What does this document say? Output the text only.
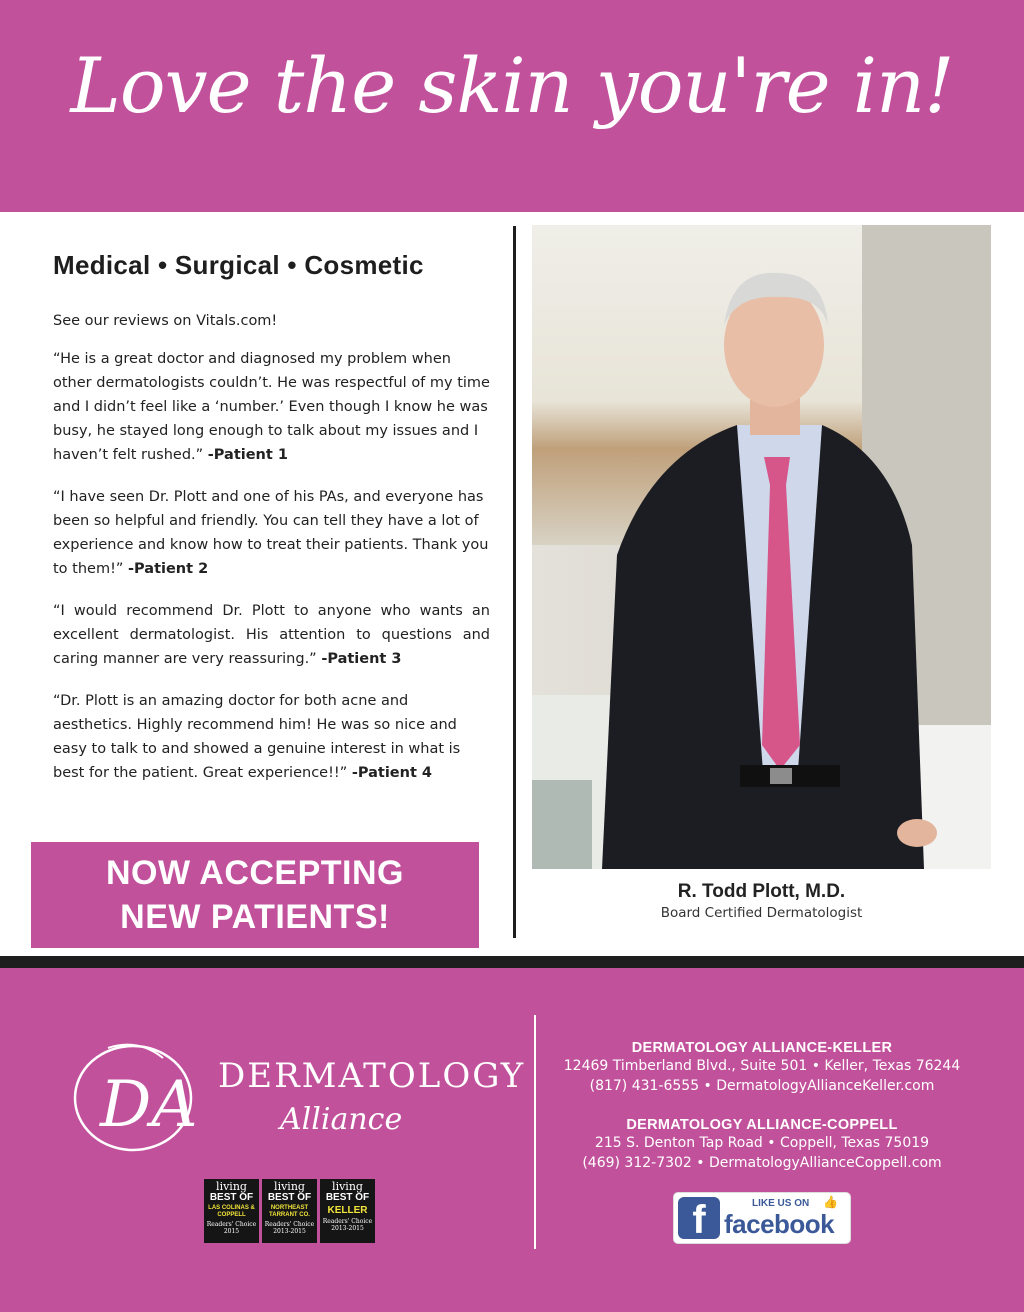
Love the skin you're in!
Medical • Surgical • Cosmetic
See our reviews on Vitals.com!
“He is a great doctor and diagnosed my problem when other dermatologists couldn’t. He was respectful of my time and I didn’t feel like a ‘number.’ Even though I know he was busy, he stayed long enough to talk about my issues and I haven’t felt rushed.” -Patient 1
“I have seen Dr. Plott and one of his PAs, and everyone has been so helpful and friendly. You can tell they have a lot of experience and know how to treat their patients. Thank you to them!” -Patient 2
“I would recommend Dr. Plott to anyone who wants an excellent dermatologist. His attention to questions and caring manner are very reassuring.” -Patient 3
“Dr. Plott is an amazing doctor for both acne and aesthetics. Highly recommend him! He was so nice and easy to talk to and showed a genuine interest in what is best for the patient. Great experience!!” -Patient 4
NOW ACCEPTING
NEW PATIENTS!
R. Todd Plott, M.D.
Board Certified Dermatologist
DA DERMATOLOGY
Alliance
living
BEST OF
LAS COLINAS & COPPELL
Readers' Choice
2015
living
BEST OF
NORTHEAST TARRANT CO.
Readers' Choice
2013-2015
living
BEST OF
KELLER
Readers' Choice
2013-2015
DERMATOLOGY ALLIANCE-KELLER
12469 Timberland Blvd., Suite 501 • Keller, Texas 76244
(817) 431-6555 • DermatologyAllianceKeller.com
DERMATOLOGY ALLIANCE-COPPELL
215 S. Denton Tap Road • Coppell, Texas 75019
(469) 312-7302 • DermatologyAllianceCoppell.com
f	LIKE US ON 👍
facebook
